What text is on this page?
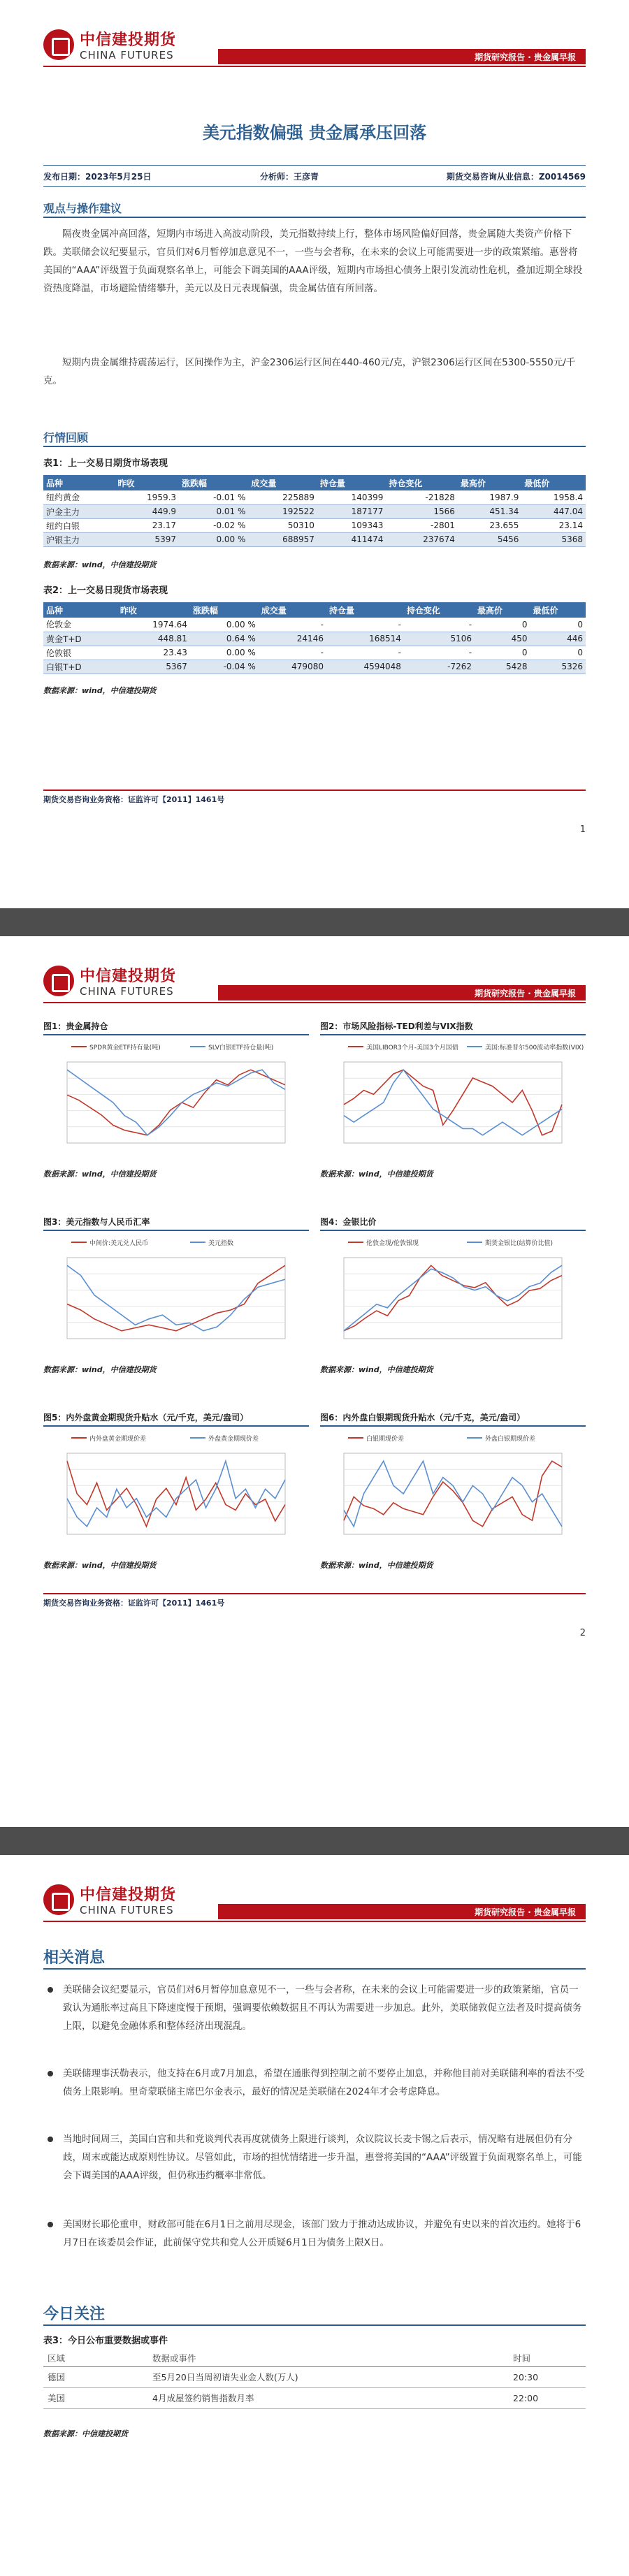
中信建投期货
CHINA FUTURES	期货研究报告 · 贵金属早报
美元指数偏强 贵金属承压回落
发布日期：2023年5月25日	分析师：王彦青	期货交易咨询从业信息：Z0014569
观点与操作建议
隔夜贵金属冲高回落，短期内市场进入高波动阶段，美元指数持续上行，整体市场风险偏好回落，贵金属随大类资产价格下跌。美联储会议纪要显示，官员们对6月暂停加息意见不一，一些与会者称，在未来的会议上可能需要进一步的政策紧缩。惠誉将美国的“AAA”评级置于负面观察名单上，可能会下调美国的AAA评级，短期内市场担心债务上限引发流动性危机，叠加近期全球投资热度降温，市场避险情绪攀升，美元以及日元表现偏强，贵金属估值有所回落。
短期内贵金属维持震荡运行，区间操作为主，沪金2306运行区间在440-460元/克，沪银2306运行区间在5300-5550元/千克。
行情回顾
表1：上一交易日期货市场表现
品种	昨收	涨跌幅	成交量	持仓量	持仓变化	最高价	最低价
纽约黄金	1959.3	-0.01 %	225889	140399	-21828	1987.9	1958.4
沪金主力	449.9	0.01 %	192522	187177	1566	451.34	447.04
纽约白银	23.17	-0.02 %	50310	109343	-2801	23.655	23.14
沪银主力	5397	0.00 %	688957	411474	237674	5456	5368
数据来源：wind，中信建投期货
表2：上一交易日现货市场表现
品种	昨收	涨跌幅	成交量	持仓量	持仓变化	最高价	最低价
伦敦金	1974.64	0.00 %	-	-	-	0	0
黄金T+D	448.81	0.64 %	24146	168514	5106	450	446
伦敦银	23.43	0.00 %	-	-	-	0	0
白银T+D	5367	-0.04 %	479080	4594048	-7262	5428	5326
数据来源：wind，中信建投期货
期货交易咨询业务资格：证监许可【2011】1461号
1
中信建投期货
CHINA FUTURES	期货研究报告 · 贵金属早报
图1：贵金属持仓
SPDR黄金ETF持有量(吨)	SLV白银ETF持仓量(吨)
数据来源：wind，中信建投期货
图2：市场风险指标-TED利差与VIX指数
美国LIBOR3个月-美国3个月国债	美国:标准普尔500波动率指数(VIX)
数据来源：wind，中信建投期货
图3：美元指数与人民币汇率
中间价:美元兑人民币	美元指数
数据来源：wind，中信建投期货
图4：金银比价
伦敦金现/伦敦银现	期货金银比(结算价比值)
数据来源：wind，中信建投期货
图5：内外盘黄金期现货升贴水（元/千克，美元/盎司）
内外盘黄金期现价差	外盘黄金期现价差
数据来源：wind，中信建投期货
图6：内外盘白银期现货升贴水（元/千克，美元/盎司）
白银期现价差	外盘白银期现价差
数据来源：wind，中信建投期货
期货交易咨询业务资格：证监许可【2011】1461号
2
中信建投期货
CHINA FUTURES	期货研究报告 · 贵金属早报
相关消息
美联储会议纪要显示，官员们对6月暂停加息意见不一，一些与会者称，在未来的会议上可能需要进一步的政策紧缩，官员一致认为通胀率过高且下降速度慢于预期，强调要依赖数据且不再认为需要进一步加息。此外，美联储敦促立法者及时提高债务上限，以避免金融体系和整体经济出现混乱。
美联储理事沃勒表示，他支持在6月或7月加息，希望在通胀得到控制之前不要停止加息，并称他目前对美联储利率的看法不受债务上限影响。里奇蒙联储主席巴尔金表示，最好的情况是美联储在2024年才会考虑降息。
当地时间周三，美国白宫和共和党谈判代表再度就债务上限进行谈判，众议院议长麦卡锡之后表示，情况略有进展但仍有分歧，周末或能达成原则性协议。尽管如此，市场的担忧情绪进一步升温，惠誉将美国的“AAA”评级置于负面观察名单上，可能会下调美国的AAA评级，但仍称违约概率非常低。
美国财长耶伦重申，财政部可能在6月1日之前用尽现金，该部门致力于推动达成协议，并避免有史以来的首次违约。她将于6月7日在该委员会作证，此前保守党共和党人公开质疑6月1日为债务上限X日。
今日关注
表3：今日公布重要数据或事件
区域	数据或事件	时间
德国	至5月20日当周初请失业金人数(万人)	20:30
美国	4月成屋签约销售指数月率	22:00
数据来源：中信建投期货
